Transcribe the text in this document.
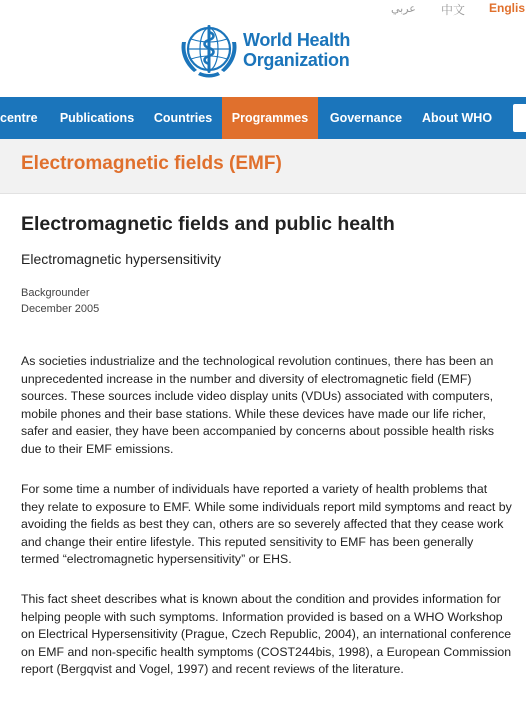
عربي 中文 Englis
World Health
Organization
centre	Publications	Countries	Programmes	Governance	About WHO
Electromagnetic fields (EMF)
Electromagnetic fields and public health
Electromagnetic hypersensitivity
Backgrounder
December 2005

As societies industrialize and the technological revolution continues, there has been an unprecedented increase in the number and diversity of electromagnetic field (EMF) sources. These sources include video display units (VDUs) associated with computers, mobile phones and their base stations. While these devices have made our life richer, safer and easier, they have been accompanied by concerns about possible health risks due to their EMF emissions.

For some time a number of individuals have reported a variety of health problems that they relate to exposure to EMF. While some individuals report mild symptoms and react by avoiding the fields as best they can, others are so severely affected that they cease work and change their entire lifestyle. This reputed sensitivity to EMF has been generally termed “electromagnetic hypersensitivity” or EHS.

This fact sheet describes what is known about the condition and provides information for helping people with such symptoms. Information provided is based on a WHO Workshop on Electrical Hypersensitivity (Prague, Czech Republic, 2004), an international conference on EMF and non-specific health symptoms (COST244bis, 1998), a European Commission report (Bergqvist and Vogel, 1997) and recent reviews of the literature.
